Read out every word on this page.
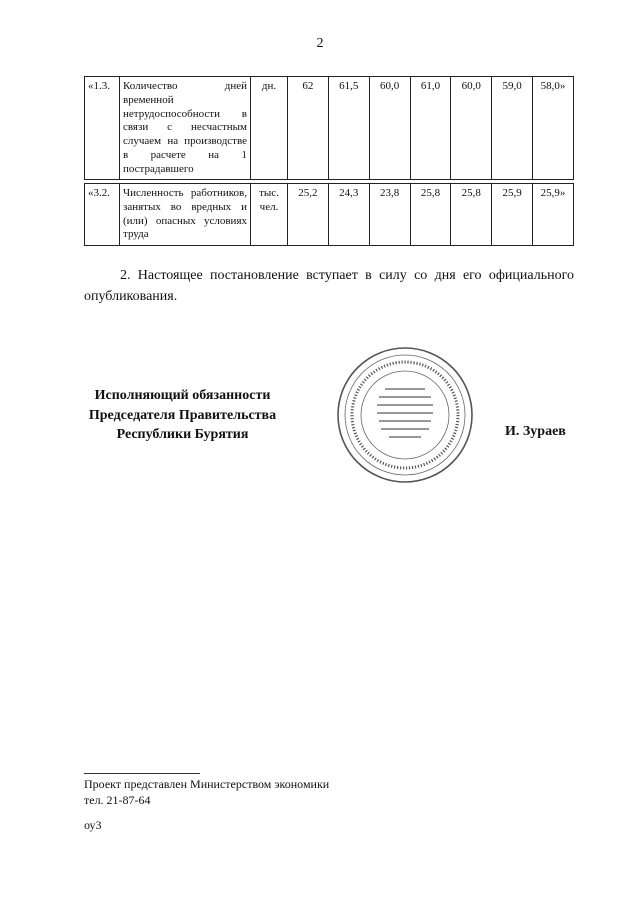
2
«1.3.	Количество дней временной нетрудоспособности в связи с несчастным случаем на производстве в расчете на 1 пострадавшего	дн.	62	61,5	60,0	61,0	60,0	59,0	58,0»
«3.2.	Численность работников, занятых во вредных и (или) опасных условиях труда	тыс. чел.	25,2	24,3	23,8	25,8	25,8	25,9	25,9»
2. Настоящее постановление вступает в силу со дня его официального опубликования.
Исполняющий обязанности
Председателя Правительства
Республики Бурятия	И. Зураев
Проект представлен Министерством экономики
тел. 21-87-64
оу3
